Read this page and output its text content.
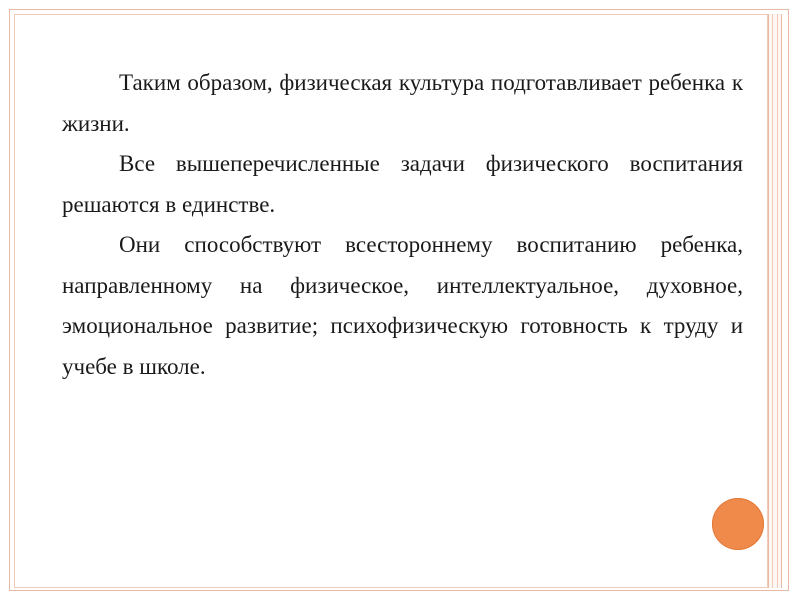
Таким образом, физическая культура подготавливает ребенка к жизни.

Все вышеперечисленные задачи физического воспитания решаются в единстве.

Они способствуют всестороннему воспитанию ребенка, направленному на физическое, интеллектуальное, духовное, эмоциональное развитие; психофизическую готовность к труду и учебе в школе.
